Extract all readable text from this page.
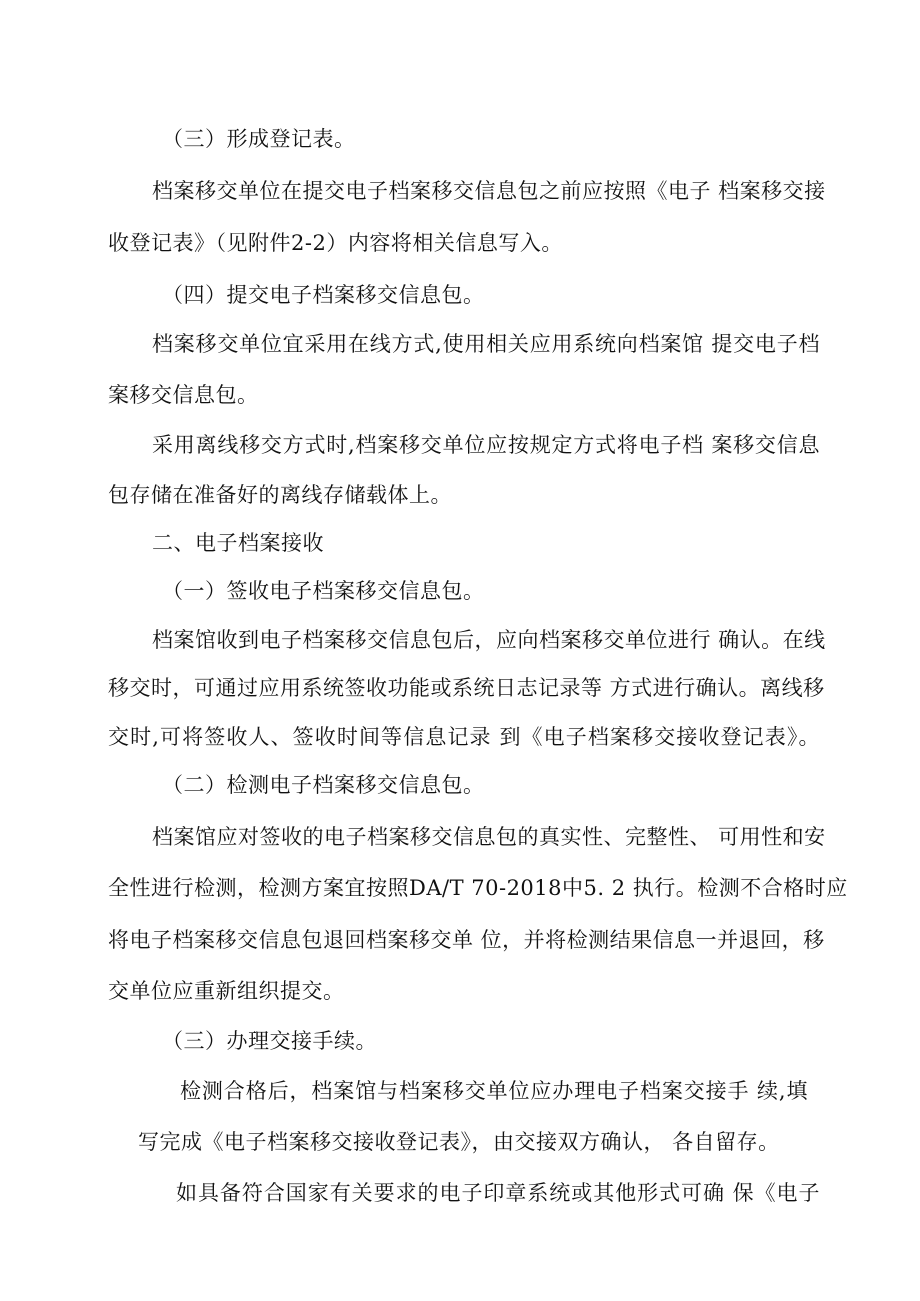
（三）形成登记表。
档案移交单位在提交电子档案移交信息包之前应按照《电子 档案移交接
收登记表》（见附件2-2）内容将相关信息写入。
（四）提交电子档案移交信息包。
档案移交单位宜采用在线方式,使用相关应用系统向档案馆 提交电子档
案移交信息包。
采用离线移交方式时,档案移交单位应按规定方式将电子档 案移交信息
包存储在准备好的离线存储载体上。
二、电子档案接收
（一）签收电子档案移交信息包。
档案馆收到电子档案移交信息包后，应向档案移交单位进行 确认。在线
移交时，可通过应用系统签收功能或系统日志记录等 方式进行确认。离线移
交时,可将签收人、签收时间等信息记录 到《电子档案移交接收登记表》。
（二）检测电子档案移交信息包。
档案馆应对签收的电子档案移交信息包的真实性、完整性、 可用性和安
全性进行检测，检测方案宜按照DA/T 70-2018中5. 2 执行。检测不合格时应
将电子档案移交信息包退回档案移交单 位，并将检测结果信息一并退回，移
交单位应重新组织提交。
（三）办理交接手续。
检测合格后，档案馆与档案移交单位应办理电子档案交接手 续,填
写完成《电子档案移交接收登记表》，由交接双方确认， 各自留存。
如具备符合国家有关要求的电子印章系统或其他形式可确 保《电子
